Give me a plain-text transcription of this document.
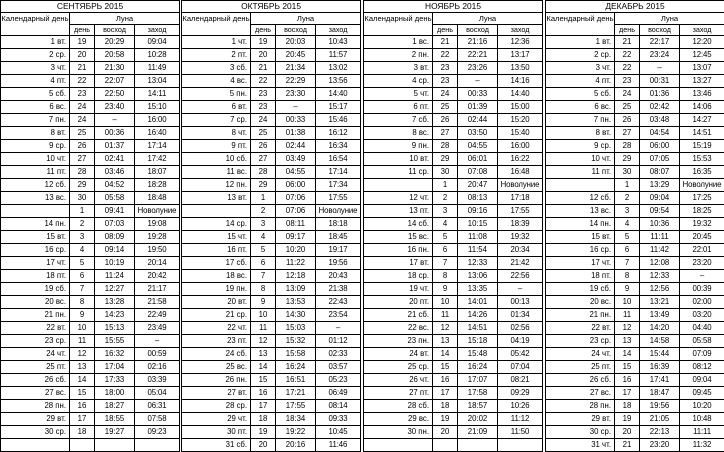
СЕНТЯБРЬ 2015			
Календарный день	Луна		
	день	восход	заход
1 вт.	19	20:29	09:04
2 ср.	20	20:58	10:28
3 чт.	21	21:30	11:49
4 пт.	22	22:07	13:04
5 сб.	23	22:50	14:11
6 вс.	24	23:40	15:10
7 пн.	24	–	16:00
8 вт.	25	00:36	16:40
9 ср.	26	01:37	17:14
10 чт.	27	02:41	17:42
11 пт.	28	03:46	18:07
12 сб.	29	04:52	18:28
13 вс.	30	05:58	18:48
	1	09:41	Новолуние
14 пн.	2	07:03	19:08
15 вт.	3	08:09	19:28
16 ср.	4	09:14	19:50
17 чт.	5	10:19	20:14
18 пт.	6	11:24	20:42
19 сб.	7	12:27	21:17
20 вс.	8	13:28	21:58
21 пн.	9	14:23	22:49
22 вт.	10	15:13	23:49
23 ср.	11	15:55	–
24 чт.	12	16:32	00:59
25 пт.	13	17:04	02:16
26 сб.	14	17:33	03:39
27 вс.	15	18:00	05:04
28 пн.	16	18:27	06:31
29 вт.	17	18:55	07:58
30 ср.	18	19:27	09:23

ОКТЯБРЬ 2015			
Календарный день	Луна		
	день	восход	заход
1 чт.	19	20:03	10:43
2 пт.	20	20:45	11:57
3 сб.	21	21:34	13:02
4 вс.	22	22:29	13:56
5 пн.	23	23:30	14:40
6 вт.	23	–	15:17
7 ср.	24	00:33	15:46
8 чт.	25	01:38	16:12
9 пт.	26	02:44	16:34
10 сб.	27	03:49	16:54
11 вс.	28	04:55	17:14
12 пн.	29	06:00	17:34
13 вт.	1	07:06	17:55
	2	07:06	Новолуние
14 ср.	3	08:11	18:18
15 чт.	4	09:17	18:45
16 пт.	5	10:20	19:17
17 сб.	6	11:22	19:56
18 вс.	7	12:18	20:43
19 пн.	8	13:09	21:38
20 вт.	9	13:53	22:43
21 ср.	10	14:30	23:54
22 чт.	11	15:03	–
23 пт.	12	15:32	01:12
24 сб.	13	15:58	02:33
25 вс.	14	16:24	03:57
26 пн.	15	16:51	05:23
27 вт.	16	17:21	06:49
28 ср.	17	17:55	08:14
29 чт.	18	18:34	09:33
30 пт.	19	19:22	10:45
31 сб.	20	20:16	11:46
НОЯБРЬ 2015			
Календарный день	Луна		
	день	восход	заход
1 вс.	21	21:16	12:36
2 пн.	22	22:21	13:17
3 вт.	23	23:26	13:50
4 ср.	23	–	14:16
5 чт.	24	00:33	14:40
6 пт.	25	01:39	15:00
7 сб.	26	02:44	15:20
8 вс.	27	03:50	15:40
9 пн.	28	04:55	16:00
10 вт.	29	06:01	16:22
11 ср.	30	07:08	16:48
	1	20:47	Новолуние
12 чт.	2	08:13	17:18
13 пт.	3	09:16	17:55
14 сб.	4	10:15	18:39
15 вс.	5	11:08	19:32
16 пн.	6	11:54	20:34
17 вт.	7	12:33	21:42
18 ср.	8	13:06	22:56
19 чт.	9	13:35	–
20 пт.	10	14:01	00:13
21 сб.	11	14:26	01:34
22 вс.	12	14:51	02:56
23 пн.	13	15:18	04:19
24 вт.	14	15:48	05:42
25 ср.	15	16:24	07:04
26 чт.	16	17:07	08:21
27 пт.	17	17:58	09:29
28 сб.	18	18:57	10:26
29 вс.	19	20:02	11:12
30 пн.	20	21:09	11:50

ДЕКАБРЬ 2015			
Календарный день	Луна		
	день	восход	заход
1 вт.	21	22:17	12:20
2 ср.	22	23:24	12:45
3 чт.	22	–	13:07
4 пт.	23	00:31	13:27
5 сб.	24	01:36	13:46
6 вс.	25	02:42	14:06
7 пн.	26	03:48	14:27
8 вт.	27	04:54	14:51
9 ср.	28	06:00	15:19
10 чт.	29	07:05	15:53
11 пт.	30	08:07	16:35
	1	13:29	Новолуние
12 сб.	2	09:04	17:25
13 вс.	3	09:54	18:25
14 пн.	4	10:36	19:32
15 вт.	5	11:11	20:45
16 ср.	6	11:42	22:01
17 чт.	7	12:08	23:20
18 пт.	8	12:33	–
19 сб.	9	12:56	00:39
20 вс.	10	13:21	02:00
21 пн.	11	13:49	03:20
22 вт.	12	14:20	04:40
23 ср.	13	14:58	05:58
24 чт.	14	15:44	07:09
25 пт.	15	16:39	08:12
26 сб.	16	17:41	09:04
27 вс.	17	18:47	09:45
28 пн.	18	19:56	10:20
29 вт.	19	21:05	10:48
30 ср.	20	22:13	11:11
31 чт.	21	23:20	11:32
